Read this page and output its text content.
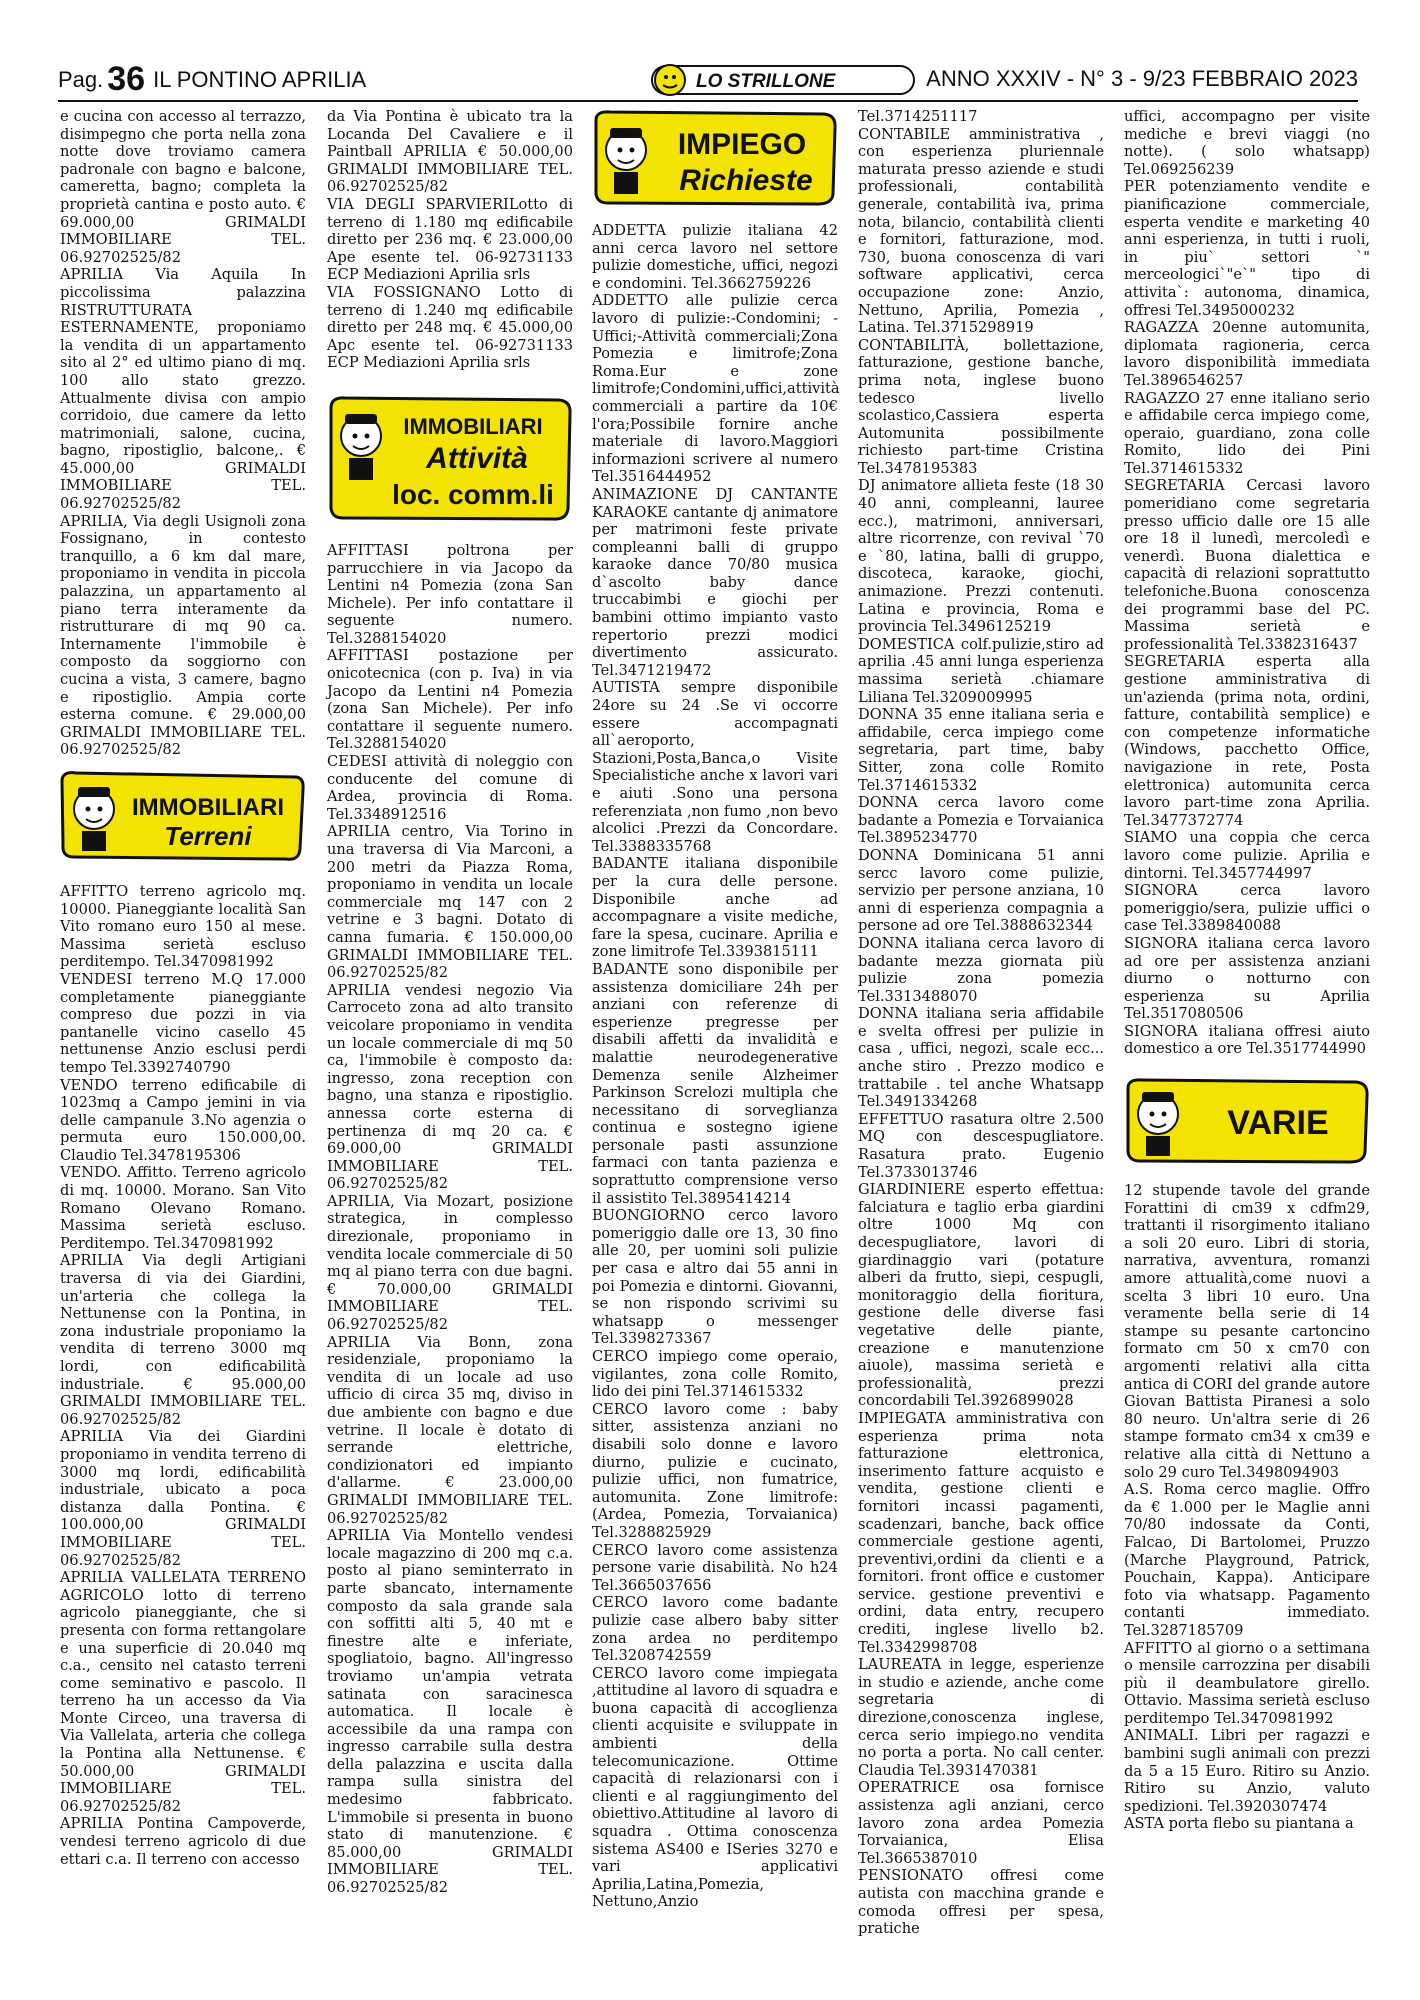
Pag. 36 IL PONTINO APRILIA	LO STRILLONE	ANNO XXXIV - N° 3 - 9/23 FEBBRAIO 2023

e cucina con accesso al terrazzo, disimpegno che porta nella zona notte dove troviamo camera padronale con bagno e balcone, cameretta, bagno; completa la proprietà cantina e posto auto. € 69.000,00 GRIMALDI IMMOBILIARE TEL. 06.92702525/82

APRILIA Via Aquila In piccolissima palazzina RISTRUTTURATA ESTERNAMENTE, proponiamo la vendita di un appartamento sito al 2° ed ultimo piano di mq. 100 allo stato grezzo. Attualmente divisa con ampio corridoio, due camere da letto matrimoniali, salone, cucina, bagno, ripostiglio, balcone,. € 45.000,00 GRIMALDI IMMOBILIARE TEL. 06.92702525/82

APRILIA, Via degli Usignoli zona Fossignano, in contesto tranquillo, a 6 km dal mare, proponiamo in vendita in piccola palazzina, un appartamento al piano terra interamente da ristrutturare di mq 90 ca. Internamente l'immobile è composto da soggiorno con cucina a vista, 3 camere, bagno e ripostiglio. Ampia corte esterna comune. € 29.000,00 GRIMALDI IMMOBILIARE TEL. 06.92702525/82

IMMOBILIARI
Terreni

AFFITTO terreno agricolo mq. 10000. Pianeggiante località San Vito romano euro 150 al mese. Massima serietà escluso perditempo. Tel.3470981992

VENDESI terreno M.Q 17.000 completamente pianeggiante compreso due pozzi in via pantanelle vicino casello 45 nettunense Anzio esclusi perdi tempo Tel.3392740790

VENDO terreno edificabile di 1023mq a Campo jemini in via delle campanule 3.No agenzia o permuta euro 150.000,00. Claudio Tel.3478195306

VENDO. Affitto. Terreno agricolo di mq. 10000. Morano. San Vito Romano Olevano Romano. Massima serietà escluso. Perditempo. Tel.3470981992

APRILIA Via degli Artigiani traversa di via dei Giardini, un'arteria che collega la Nettunense con la Pontina, in zona industriale proponiamo la vendita di terreno 3000 mq lordi, con edificabilità industriale. € 95.000,00 GRIMALDI IMMOBILIARE TEL. 06.92702525/82

APRILIA Via dei Giardini proponiamo in vendita terreno di 3000 mq lordi, edificabilità industriale, ubicato a poca distanza dalla Pontina. € 100.000,00 GRIMALDI IMMOBILIARE TEL. 06.92702525/82

APRILIA VALLELATA TERRENO AGRICOLO lotto di terreno agricolo pianeggiante, che si presenta con forma rettangolare e una superficie di 20.040 mq c.a., censito nel catasto terreni come seminativo e pascolo. Il terreno ha un accesso da Via Monte Circeo, una traversa di Via Vallelata, arteria che collega la Pontina alla Nettunense. € 50.000,00 GRIMALDI IMMOBILIARE TEL. 06.92702525/82

APRILIA Pontina Campoverde, vendesi terreno agricolo di due ettari c.a. Il terreno con accesso

da Via Pontina è ubicato tra la Locanda Del Cavaliere e il Paintball APRILIA € 50.000,00 GRIMALDI IMMOBILIARE TEL. 06.92702525/82

VIA DEGLI SPARVIERILotto di terreno di 1.180 mq edificabile diretto per 236 mq. € 23.000,00 Ape esente tel. 06-92731133 ECP Mediazioni Aprilia srls

VIA FOSSIGNANO Lotto di terreno di 1.240 mq edificabile diretto per 248 mq. € 45.000,00 Apc esente tel. 06-92731133 ECP Mediazioni Aprilia srls

IMMOBILIARI
Attività
loc. comm.li

AFFITTASI poltrona per parrucchiere in via Jacopo da Lentini n4 Pomezia (zona San Michele). Per info contattare il seguente numero. Tel.3288154020

AFFITTASI postazione per onicotecnica (con p. Iva) in via Jacopo da Lentini n4 Pomezia (zona San Michele). Per info contattare il seguente numero. Tel.3288154020

CEDESI attività di noleggio con conducente del comune di Ardea, provincia di Roma. Tel.3348912516

APRILIA centro, Via Torino in una traversa di Via Marconi, a 200 metri da Piazza Roma, proponiamo in vendita un locale commerciale mq 147 con 2 vetrine e 3 bagni. Dotato di canna fumaria. € 150.000,00 GRIMALDI IMMOBILIARE TEL. 06.92702525/82

APRILIA vendesi negozio Via Carroceto zona ad alto transito veicolare proponiamo in vendita un locale commerciale di mq 50 ca, l'immobile è composto da: ingresso, zona reception con bagno, una stanza e ripostiglio. annessa corte esterna di pertinenza di mq 20 ca. € 69.000,00 GRIMALDI IMMOBILIARE TEL. 06.92702525/82

APRILIA, Via Mozart, posizione strategica, in complesso direzionale, proponiamo in vendita locale commerciale di 50 mq al piano terra con due bagni. € 70.000,00 GRIMALDI IMMOBILIARE TEL. 06.92702525/82

APRILIA Via Bonn, zona residenziale, proponiamo la vendita di un locale ad uso ufficio di circa 35 mq, diviso in due ambiente con bagno e due vetrine. Il locale è dotato di serrande elettriche, condizionatori ed impianto d'allarme. € 23.000,00 GRIMALDI IMMOBILIARE TEL. 06.92702525/82

APRILIA Via Montello vendesi locale magazzino di 200 mq c.a. posto al piano seminterrato in parte sbancato, internamente composto da sala grande sala con soffitti alti 5, 40 mt e finestre alte e inferiate, spogliatoio, bagno. All'ingresso troviamo un'ampia vetrata satinata con saracinesca automatica. Il locale è accessibile da una rampa con ingresso carrabile sulla destra della palazzina e uscita dalla rampa sulla sinistra del medesimo fabbricato. L'immobile si presenta in buono stato di manutenzione. € 85.000,00 GRIMALDI IMMOBILIARE TEL. 06.92702525/82

IMPIEGO
Richieste

ADDETTA pulizie italiana 42 anni cerca lavoro nel settore pulizie domestiche, uffici, negozi e condomini. Tel.3662759226

ADDETTO alle pulizie cerca lavoro di pulizie:-Condomini; -Uffici;-Attività commerciali;Zona Pomezia e limitrofe;Zona Roma.Eur e zone limitrofe;Condomini,uffici,attività commerciali a partire da 10€ l'ora;Possibile fornire anche materiale di lavoro.Maggiori informazioni scrivere al numero Tel.3516444952

ANIMAZIONE DJ CANTANTE KARAOKE cantante dj animatore per matrimoni feste private compleanni balli di gruppo karaoke dance 70/80 musica d`ascolto baby dance truccabimbi e giochi per bambini ottimo impianto vasto repertorio prezzi modici divertimento assicurato. Tel.3471219472

AUTISTA sempre disponibile 24ore su 24 .Se vi occorre essere accompagnati all`aeroporto, Stazioni,Posta,Banca,o Visite Specialistiche anche x lavori vari e aiuti .Sono una persona referenziata ,non fumo ,non bevo alcolici .Prezzi da Concordare. Tel.3388335768

BADANTE italiana disponibile per la cura delle persone. Disponibile anche ad accompagnare a visite mediche, fare la spesa, cucinare. Aprilia e zone limitrofe Tel.3393815111

BADANTE sono disponibile per assistenza domiciliare 24h per anziani con referenze di esperienze pregresse per disabili affetti da invalidità e malattie neurodegenerative Demenza senile Alzheimer Parkinson Screlozi multipla che necessitano di sorveglianza continua e sostegno igiene personale pasti assunzione farmaci con tanta pazienza e soprattutto comprensione verso il assistito Tel.3895414214

BUONGIORNO cerco lavoro pomeriggio dalle ore 13, 30 fino alle 20, per uomini soli pulizie per casa e altro dai 55 anni in poi Pomezia e dintorni. Giovanni, se non rispondo scrivimi su whatsapp o messenger Tel.3398273367

CERCO impiego come operaio, vigilantes, zona colle Romito, lido dei pini Tel.3714615332

CERCO lavoro come : baby sitter, assistenza anziani no disabili solo donne e lavoro diurno, pulizie e cucinato, pulizie uffici, non fumatrice, automunita. Zone limitrofe: (Ardea, Pomezia, Torvaianica) Tel.3288825929

CERCO lavoro come assistenza persone varie disabilità. No h24 Tel.3665037656

CERCO lavoro come badante pulizie case albero baby sitter zona ardea no perditempo Tel.3208742559

CERCO lavoro come impiegata ,attitudine al lavoro di squadra e buona capacità di accoglienza clienti acquisite e sviluppate in ambienti della telecomunicazione. Ottime capacità di relazionarsi con i clienti e al raggiungimento del obiettivo.Attitudine al lavoro di squadra . Ottima conoscenza sistema AS400 e ISeries 3270 e vari applicativi Aprilia,Latina,Pomezia, Nettuno,Anzio

Tel.3714251117

CONTABILE amministrativa , con esperienza pluriennale maturata presso aziende e studi professionali, contabilità generale, contabilità iva, prima nota, bilancio, contabilità clienti e fornitori, fatturazione, mod. 730, buona conoscenza di vari software applicativi, cerca occupazione zone: Anzio, Nettuno, Aprilia, Pomezia , Latina. Tel.3715298919

CONTABILITÀ, bollettazione, fatturazione, gestione banche, prima nota, inglese buono tedesco livello scolastico,Cassiera esperta Automunita possibilmente richiesto part-time Cristina Tel.3478195383

DJ animatore allieta feste (18 30 40 anni, compleanni, lauree ecc.), matrimoni, anniversari, altre ricorrenze, con revival `70 e `80, latina, balli di gruppo, discoteca, karaoke, giochi, animazione. Prezzi contenuti. Latina e provincia, Roma e provincia Tel.3496125219

DOMESTICA colf.pulizie,stiro ad aprilia .45 anni lunga esperienza massima serietà .chiamare Liliana Tel.3209009995

DONNA 35 enne italiana seria e affidabile, cerca impiego come segretaria, part time, baby Sitter, zona colle Romito Tel.3714615332

DONNA cerca lavoro come badante a Pomezia e Torvaianica Tel.3895234770

DONNA Dominicana 51 anni sercc lavoro come pulizie, servizio per persone anziana, 10 anni di esperienza compagnia a persone ad ore Tel.3888632344

DONNA italiana cerca lavoro di badante mezza giornata più pulizie zona pomezia Tel.3313488070

DONNA italiana seria affidabile e svelta offresi per pulizie in casa , uffici, negozi, scale ecc... anche stiro . Prezzo modico e trattabile . tel anche Whatsapp Tel.3491334268

EFFETTUO rasatura oltre 2.500 MQ con descespugliatore. Rasatura prato. Eugenio Tel.3733013746

GIARDINIERE esperto effettua: falciatura e taglio erba giardini oltre 1000 Mq con decespugliatore, lavori di giardinaggio vari (potature alberi da frutto, siepi, cespugli, monitoraggio della fioritura, gestione delle diverse fasi vegetative delle piante, creazione e manutenzione aiuole), massima serietà e professionalità, prezzi concordabili Tel.3926899028

IMPIEGATA amministrativa con esperienza prima nota fatturazione elettronica, inserimento fatture acquisto e vendita, gestione clienti e fornitori incassi pagamenti, scadenzari, banche, back office commerciale gestione agenti, preventivi,ordini da clienti e a fornitori. front office e customer service. gestione preventivi e ordini, data entry, recupero crediti, inglese livello b2. Tel.3342998708

LAUREATA in legge, esperienze in studio e aziende, anche come segretaria di direzione,conoscenza inglese, cerca serio impiego.no vendita no porta a porta. No call center. Claudia Tel.3931470381

OPERATRICE osa fornisce assistenza agli anziani, cerco lavoro zona ardea Pomezia Torvaianica, Elisa Tel.3665387010

PENSIONATO offresi come autista con macchina grande e comoda offresi per spesa, pratiche

uffici, accompagno per visite mediche e brevi viaggi (no notte). ( solo whatsapp) Tel.069256239

PER potenziamento vendite e pianificazione commerciale, esperta vendite e marketing 40 anni esperienza, in tutti i ruoli, in piu` settori `" merceologici`"e`" tipo di attivita`: autonoma, dinamica, offresi Tel.3495000232

RAGAZZA 20enne automunita, diplomata ragioneria, cerca lavoro disponibilità immediata Tel.3896546257

RAGAZZO 27 enne italiano serio e affidabile cerca impiego come, operaio, guardiano, zona colle Romito, lido dei Pini Tel.3714615332

SEGRETARIA Cercasi lavoro pomeridiano come segretaria presso ufficio dalle ore 15 alle ore 18 il lunedì, mercoledì e venerdì. Buona dialettica e capacità di relazioni soprattutto telefoniche.Buona conoscenza dei programmi base del PC. Massima serietà e professionalità Tel.3382316437

SEGRETARIA esperta alla gestione amministrativa di un'azienda (prima nota, ordini, fatture, contabilità semplice) e con competenze informatiche (Windows, pacchetto Office, navigazione in rete, Posta elettronica) automunita cerca lavoro part-time zona Aprilia. Tel.3477372774

SIAMO una coppia che cerca lavoro come pulizie. Aprilia e dintorni. Tel.3457744997

SIGNORA cerca lavoro pomeriggio/sera, pulizie uffici o case Tel.3389840088

SIGNORA italiana cerca lavoro ad ore per assistenza anziani diurno o notturno con esperienza su Aprilia Tel.3517080506

SIGNORA italiana offresi aiuto domestico a ore Tel.3517744990

VARIE

12 stupende tavole del grande Forattini di cm39 x cdfm29, trattanti il risorgimento italiano a soli 20 euro. Libri di storia, narrativa, avventura, romanzi amore attualità,come nuovi a scelta 3 libri 10 euro. Una veramente bella serie di 14 stampe su pesante cartoncino formato cm 50 x cm70 con argomenti relativi alla citta antica di CORI del grande autore Giovan Battista Piranesi a solo 80 neuro. Un'altra serie di 26 stampe formato cm34 x cm39 e relative alla città di Nettuno a solo 29 curo Tel.3498094903

A.S. Roma cerco maglie. Offro da € 1.000 per le Maglie anni 70/80 indossate da Conti, Falcao, Di Bartolomei, Pruzzo (Marche Playground, Patrick, Pouchain, Kappa). Anticipare foto via whatsapp. Pagamento contanti immediato. Tel.3287185709

AFFITTO al giorno o a settimana o mensile carrozzina per disabili più il deambulatore girello. Ottavio. Massima serietà escluso perditempo Tel.3470981992

ANIMALI. Libri per ragazzi e bambini sugli animali con prezzi da 5 a 15 Euro. Ritiro su Anzio. Ritiro su Anzio, valuto spedizioni. Tel.3920307474

ASTA porta flebo su piantana a
